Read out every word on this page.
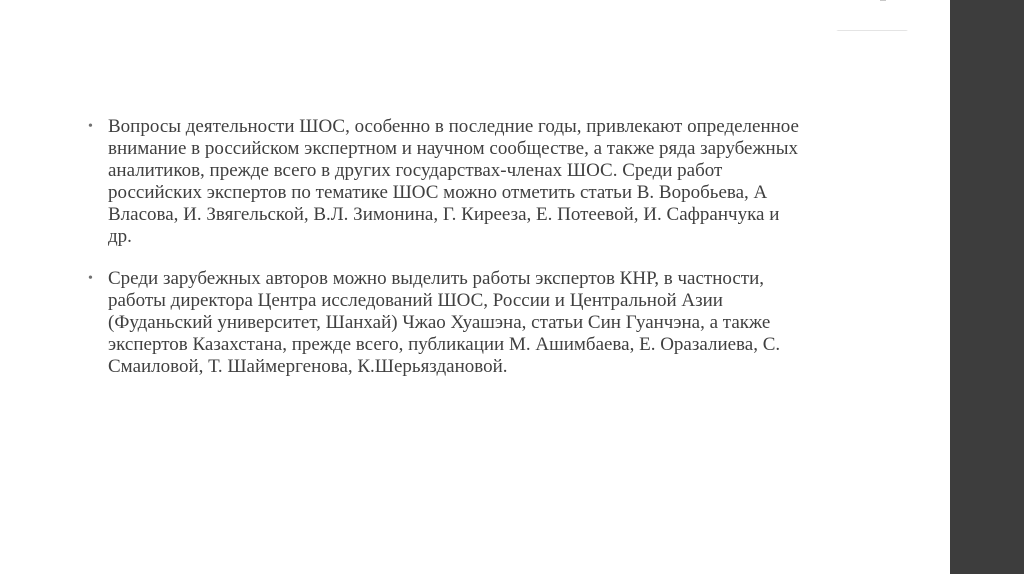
• Вопросы деятельности ШОС, особенно в последние годы, привлекают определенное внимание в российском экспертном и научном сообществе, а также ряда зарубежных аналитиков, прежде всего в других государствах-членах ШОС. Среди работ российских экспертов по тематике ШОС можно отметить статьи В. Воробьева, А Власова, И. Звягельской, В.Л. Зимонина, Г. Кирееза, Е. Потеевой, И. Сафранчука и др.

• Среди зарубежных авторов можно выделить работы экспертов КНР, в частности, работы директора Центра исследований ШОС, России и Центральной Азии (Фуданьский университет, Шанхай) Чжао Хуашэна, статьи Син Гуанчэна, а также экспертов Казахстана, прежде всего, публикации М. Ашимбаева, Е. Оразалиева, С. Смаиловой, Т. Шаймергенова, К.Шерьяздановой.
